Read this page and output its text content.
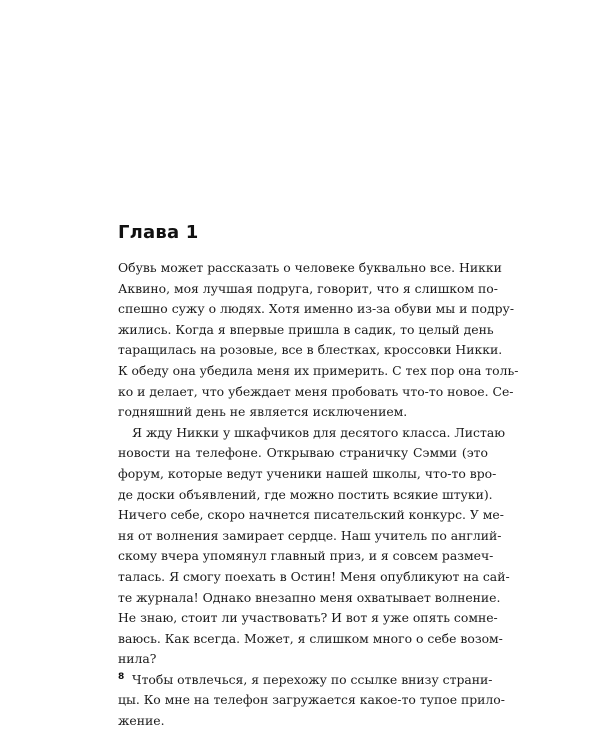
Глава 1
Обувь может рассказать о человеке буквально все. Никки
Аквино, моя лучшая подруга, говорит, что я слишком по-
спешно сужу о людях. Хотя именно из-за обуви мы и подру-
жились. Когда я впервые пришла в садик, то целый день
таращилась на розовые, все в блестках, кроссовки Никки.
К обеду она убедила меня их примерить. С тех пор она толь-
ко и делает, что убеждает меня пробовать что-то новое. Се-
годняшний день не является исключением.
Я жду Никки у шкафчиков для десятого класса. Листаю
новости на телефоне. Открываю страничку Сэмми (это
форум, которые ведут ученики нашей школы, что-то вро-
де доски объявлений, где можно постить всякие штуки).
Ничего себе, скоро начнется писательский конкурс. У ме-
ня от волнения замирает сердце. Наш учитель по англий-
скому вчера упомянул главный приз, и я совсем размеч-
талась. Я смогу поехать в Остин! Меня опубликуют на сай-
те журнала! Однако внезапно меня охватывает волнение.
Не знаю, стоит ли участвовать? И вот я уже опять сомне-
ваюсь. Как всегда. Может, я слишком много о себе возом-
нила?
Чтобы отвлечься, я перехожу по ссылке внизу страни-
цы. Ко мне на телефон загружается какое-то тупое прило-
жение.
8
